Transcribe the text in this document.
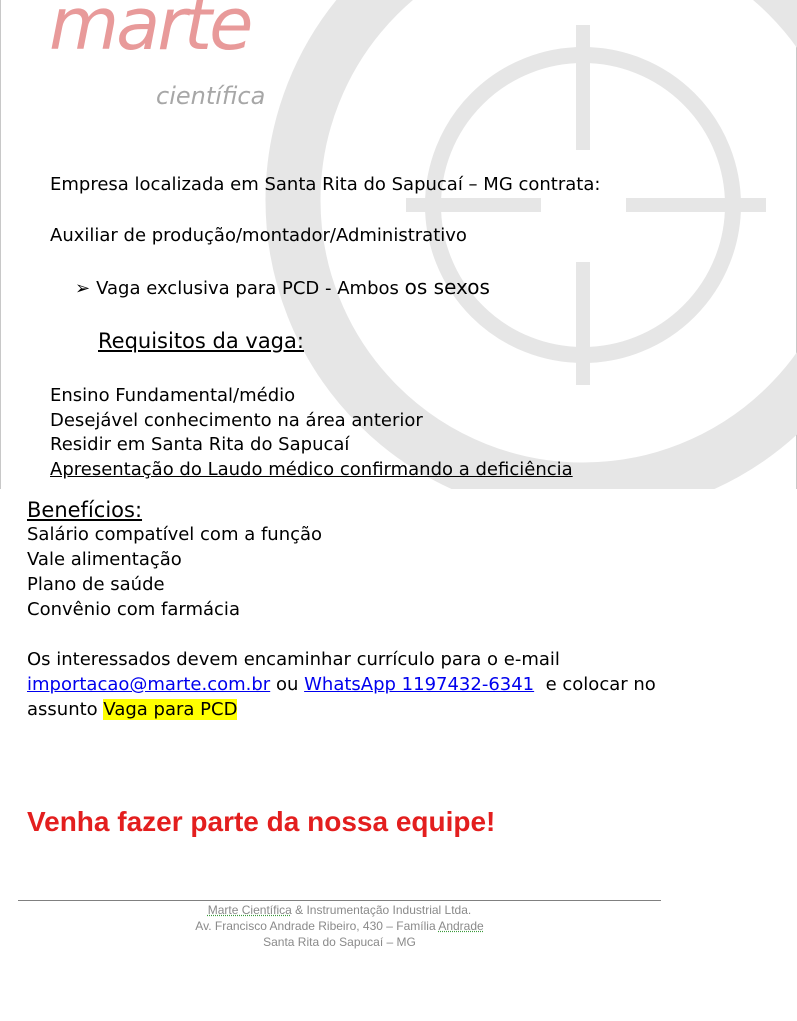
marte
científica
Empresa localizada em Santa Rita do Sapucaí – MG contrata:
Auxiliar de produção/montador/Administrativo
➢ Vaga exclusiva para PCD - Ambos os sexos
Requisitos da vaga:
Ensino Fundamental/médio
Desejável conhecimento na área anterior
Residir em Santa Rita do Sapucaí
Apresentação do Laudo médico confirmando a deficiência
Benefícios:
Salário compatível com a função
Vale alimentação
Plano de saúde
Convênio com farmácia
Os interessados devem encaminhar currículo para o e-mail
importacao@marte.com.br ou WhatsApp 1197432-6341 e colocar no
assunto Vaga para PCD
Venha fazer parte da nossa equipe!
Marte Científica & Instrumentação Industrial Ltda.
Av. Francisco Andrade Ribeiro, 430 – Família Andrade
Santa Rita do Sapucaí – MG
